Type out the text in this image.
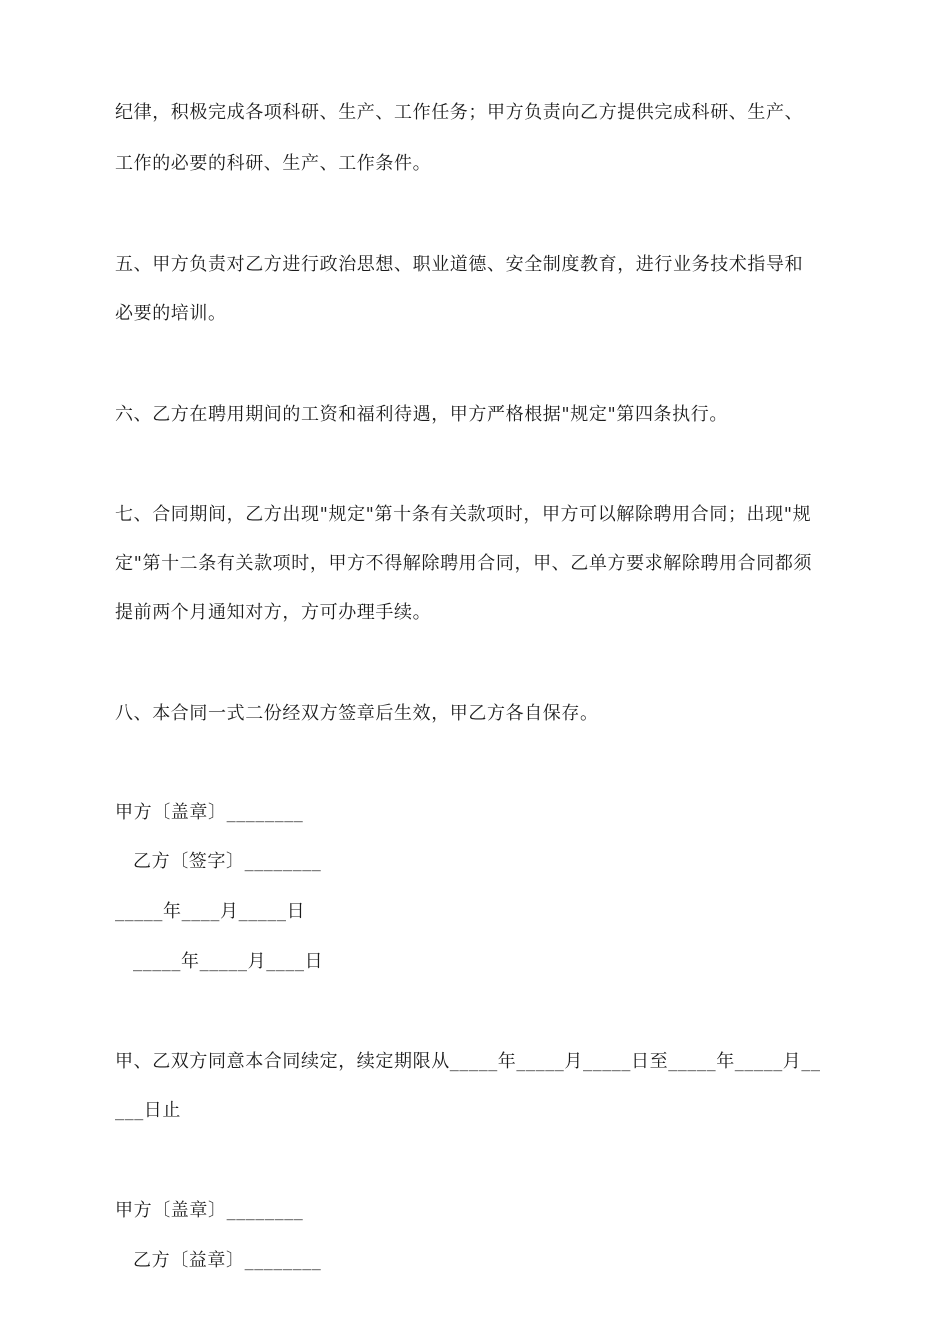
纪律，积极完成各项科研、生产、工作任务；甲方负责向乙方提供完成科研、生产、
工作的必要的科研、生产、工作条件。
五、甲方负责对乙方进行政治思想、职业道德、安全制度教育，进行业务技术指导和
必要的培训。
六、乙方在聘用期间的工资和福利待遇，甲方严格根据"规定"第四条执行。
七、合同期间，乙方出现"规定"第十条有关款项时，甲方可以解除聘用合同；出现"规
定"第十二条有关款项时，甲方不得解除聘用合同，甲、乙单方要求解除聘用合同都须
提前两个月通知对方，方可办理手续。
八、本合同一式二份经双方签章后生效，甲乙方各自保存。
甲方〔盖章〕________
乙方〔签字〕________
_____年____月_____日
_____年_____月____日
甲、乙双方同意本合同续定，续定期限从_____年_____月_____日至_____年_____月__
___日止
甲方〔盖章〕________
乙方〔益章〕________
